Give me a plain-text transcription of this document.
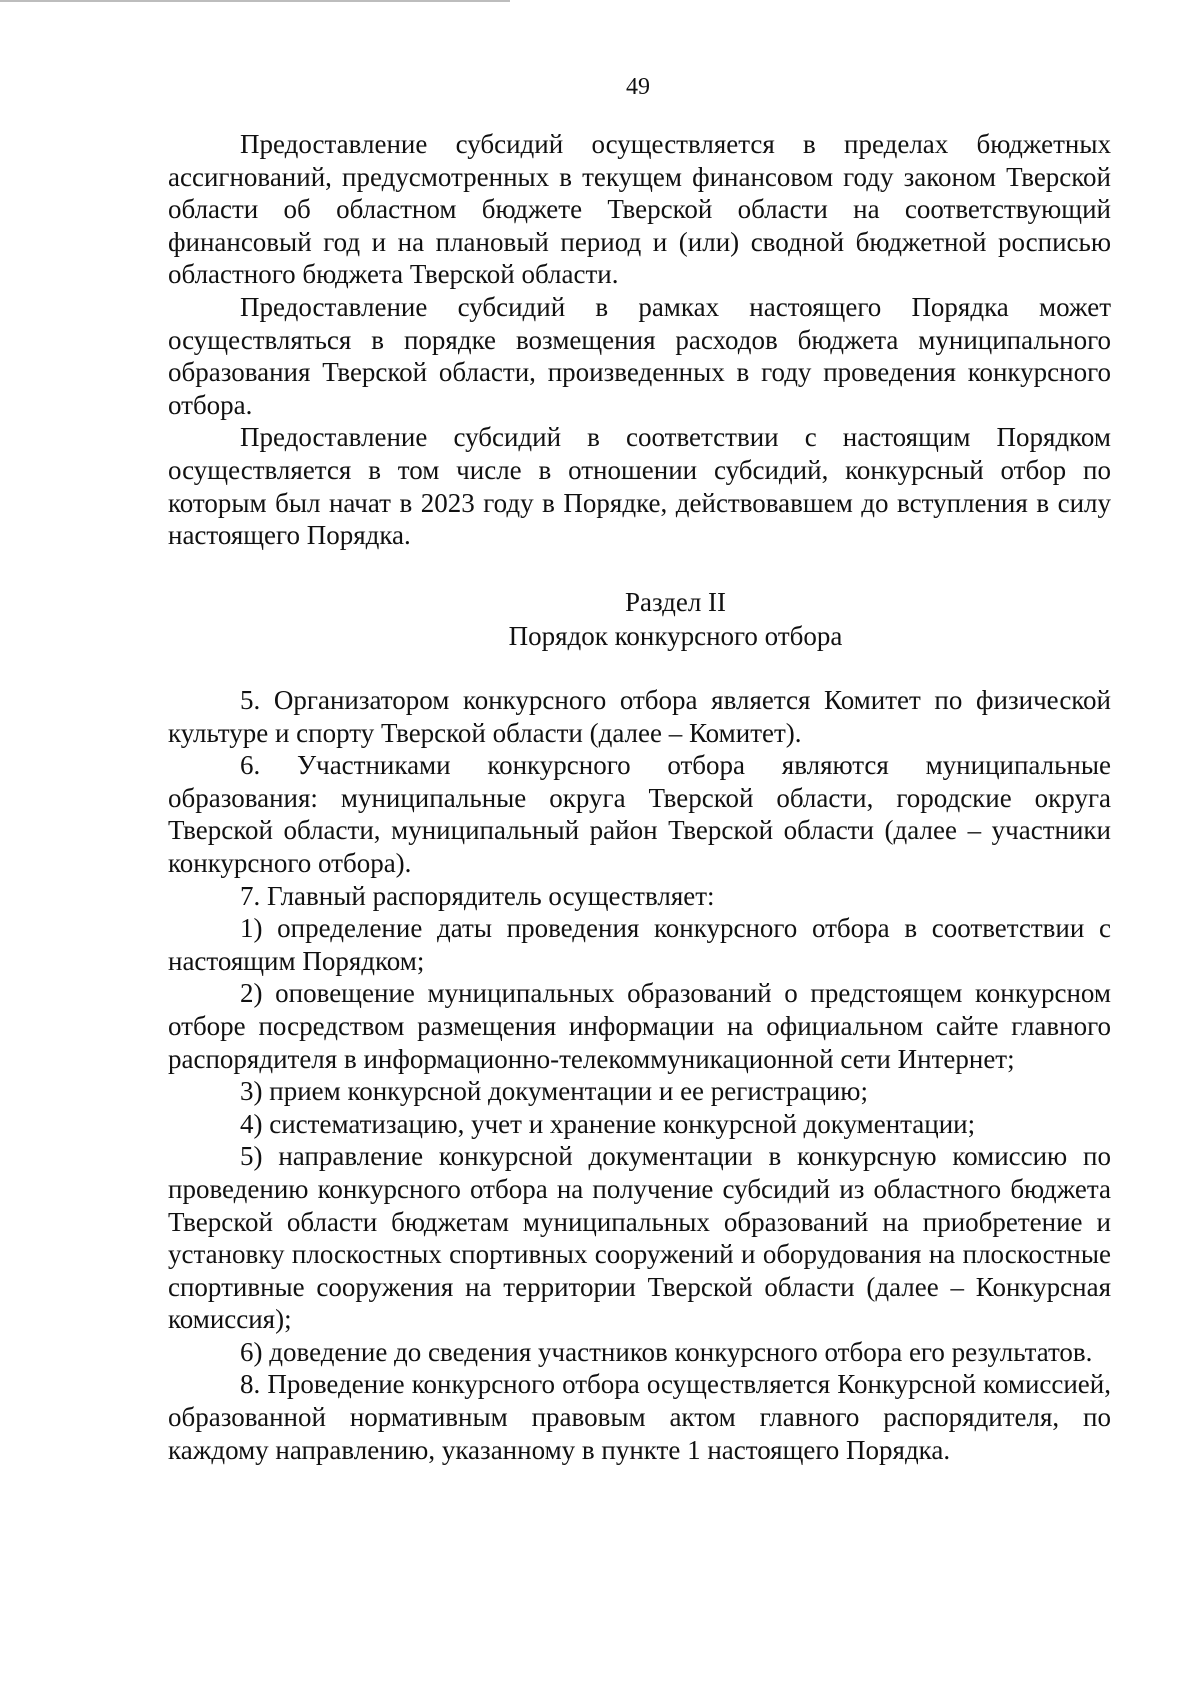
49

Предоставление субсидий осуществляется в пределах бюджетных ассигнований, предусмотренных в текущем финансовом году законом Тверской области об областном бюджете Тверской области на соответствующий финансовый год и на плановый период и (или) сводной бюджетной росписью областного бюджета Тверской области.

Предоставление субсидий в рамках настоящего Порядка может осуществляться в порядке возмещения расходов бюджета муниципального образования Тверской области, произведенных в году проведения конкурсного отбора.

Предоставление субсидий в соответствии с настоящим Порядком осуществляется в том числе в отношении субсидий, конкурсный отбор по которым был начат в 2023 году в Порядке, действовавшем до вступления в силу настоящего Порядка.

Раздел II

Порядок конкурсного отбора

5. Организатором конкурсного отбора является Комитет по физической культуре и спорту Тверской области (далее – Комитет).

6. Участниками конкурсного отбора являются муниципальные образования: муниципальные округа Тверской области, городские округа Тверской области, муниципальный район Тверской области (далее – участники конкурсного отбора).

7. Главный распорядитель осуществляет:

1) определение даты проведения конкурсного отбора в соответствии с настоящим Порядком;

2) оповещение муниципальных образований о предстоящем конкурсном отборе посредством размещения информации на официальном сайте главного распорядителя в информационно-телекоммуникационной сети Интернет;

3) прием конкурсной документации и ее регистрацию;

4) систематизацию, учет и хранение конкурсной документации;

5) направление конкурсной документации в конкурсную комиссию по проведению конкурсного отбора на получение субсидий из областного бюджета Тверской области бюджетам муниципальных образований на приобретение и установку плоскостных спортивных сооружений и оборудования на плоскостные спортивные сооружения на территории Тверской области (далее – Конкурсная комиссия);

6) доведение до сведения участников конкурсного отбора его результатов.

8. Проведение конкурсного отбора осуществляется Конкурсной комиссией, образованной нормативным правовым актом главного распорядителя, по каждому направлению, указанному в пункте 1 настоящего Порядка.
